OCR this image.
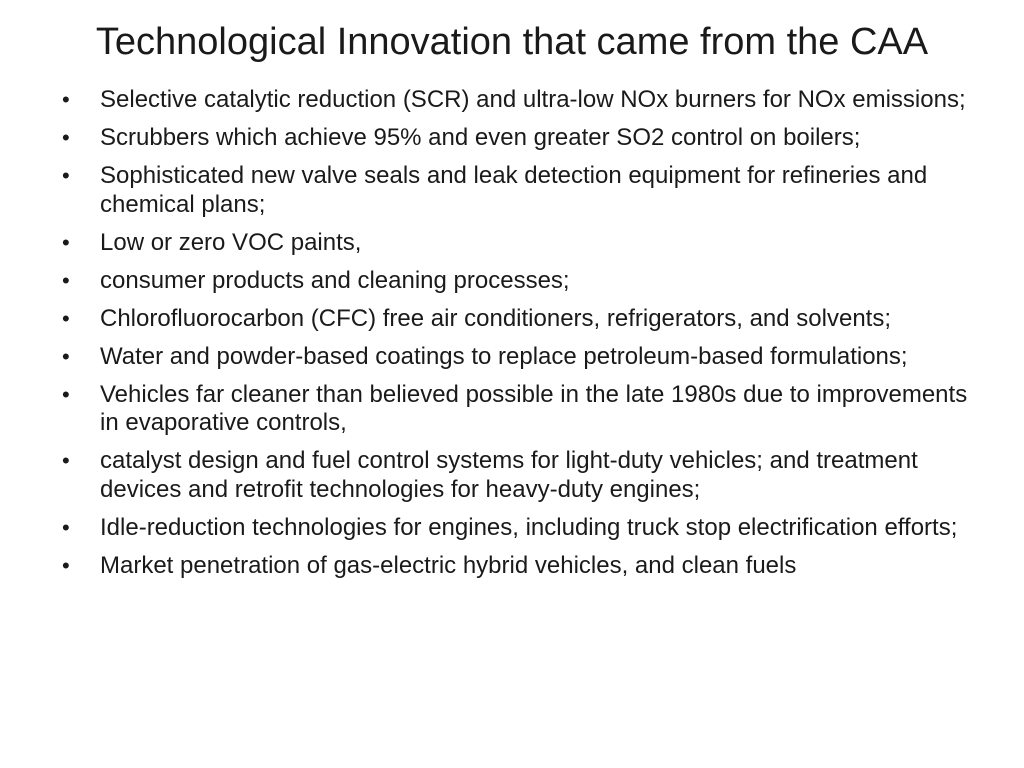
Technological Innovation that came from the CAA
•	Selective catalytic reduction (SCR) and ultra-low NOx burners for NOx emissions;
•	Scrubbers which achieve 95% and even greater SO2 control on boilers;
•	Sophisticated new valve seals and leak detection equipment for refineries and chemical plans;
•	Low or zero VOC paints,
•	consumer products and cleaning processes;
•	Chlorofluorocarbon (CFC) free air conditioners, refrigerators, and solvents;
•	Water and powder-based coatings to replace petroleum-based formulations;
•	Vehicles far cleaner than believed possible in the late 1980s due to improvements in evaporative controls,
•	catalyst design and fuel control systems for light-duty vehicles; and treatment devices and retrofit technologies for heavy-duty engines;
•	Idle-reduction technologies for engines, including truck stop electrification efforts;
•	Market penetration of gas-electric hybrid vehicles, and clean fuels
